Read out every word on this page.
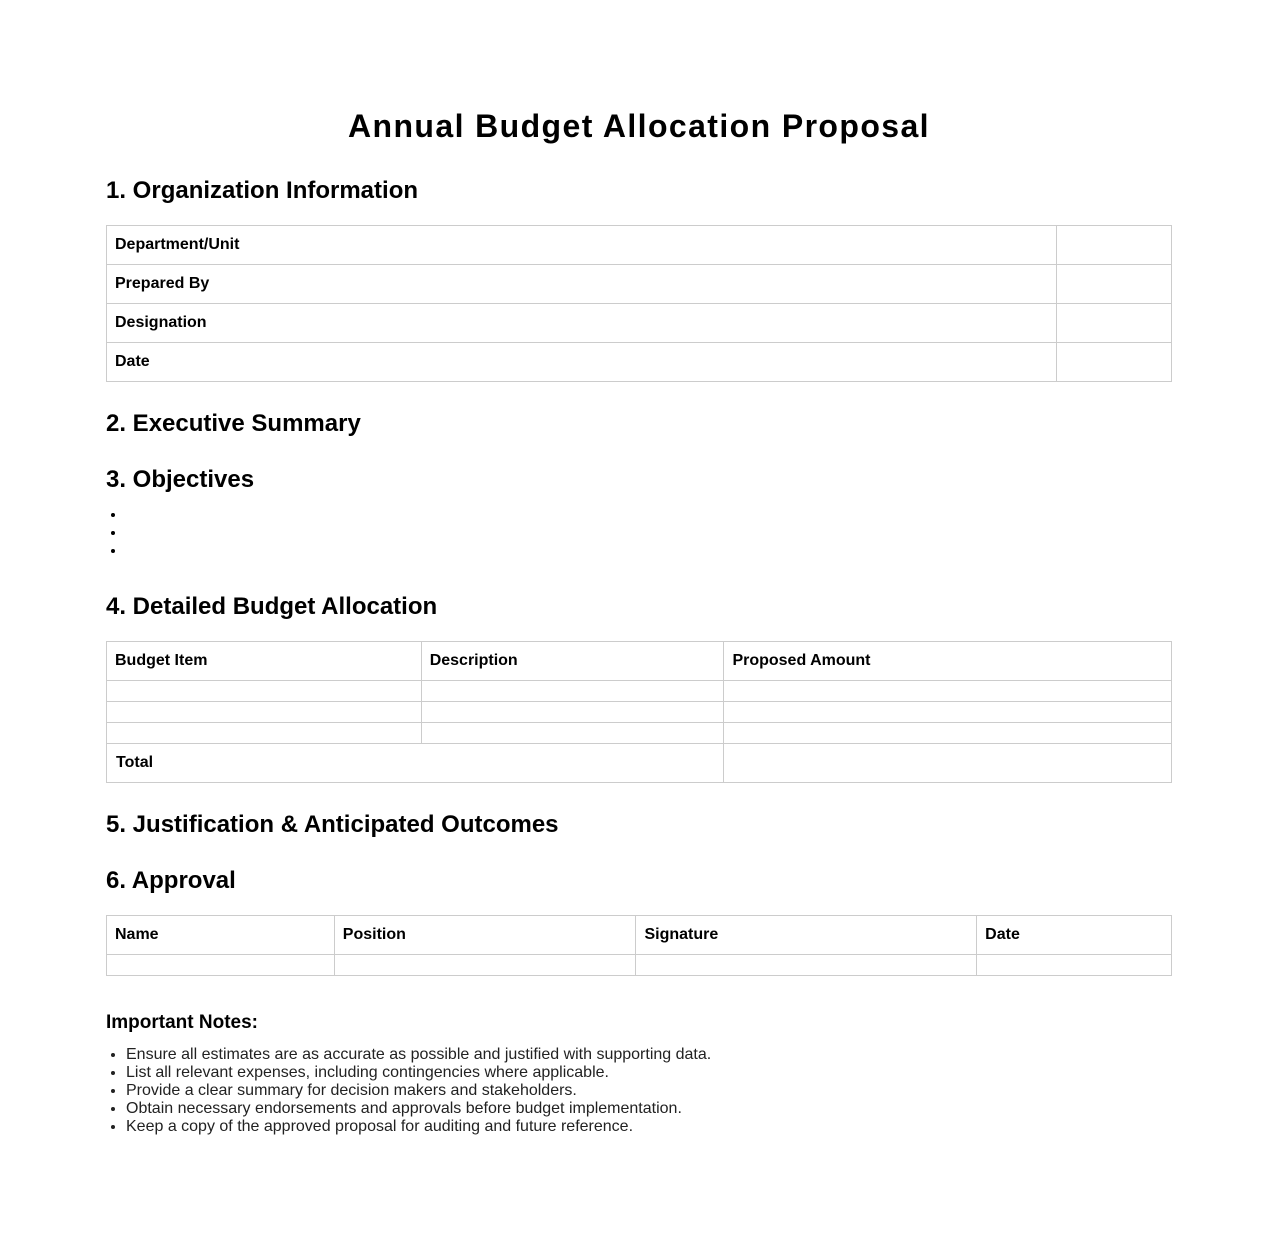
Annual Budget Allocation Proposal
1. Organization Information
Department/Unit	
Prepared By	
Designation	
Date	
2. Executive Summary
3. Objectives
•
•
•
4. Detailed Budget Allocation
Budget Item	Description	Proposed Amount

Total		
5. Justification & Anticipated Outcomes
6. Approval
Name	Position	Signature	Date

Important Notes:
• Ensure all estimates are as accurate as possible and justified with supporting data.
• List all relevant expenses, including contingencies where applicable.
• Provide a clear summary for decision makers and stakeholders.
• Obtain necessary endorsements and approvals before budget implementation.
• Keep a copy of the approved proposal for auditing and future reference.
